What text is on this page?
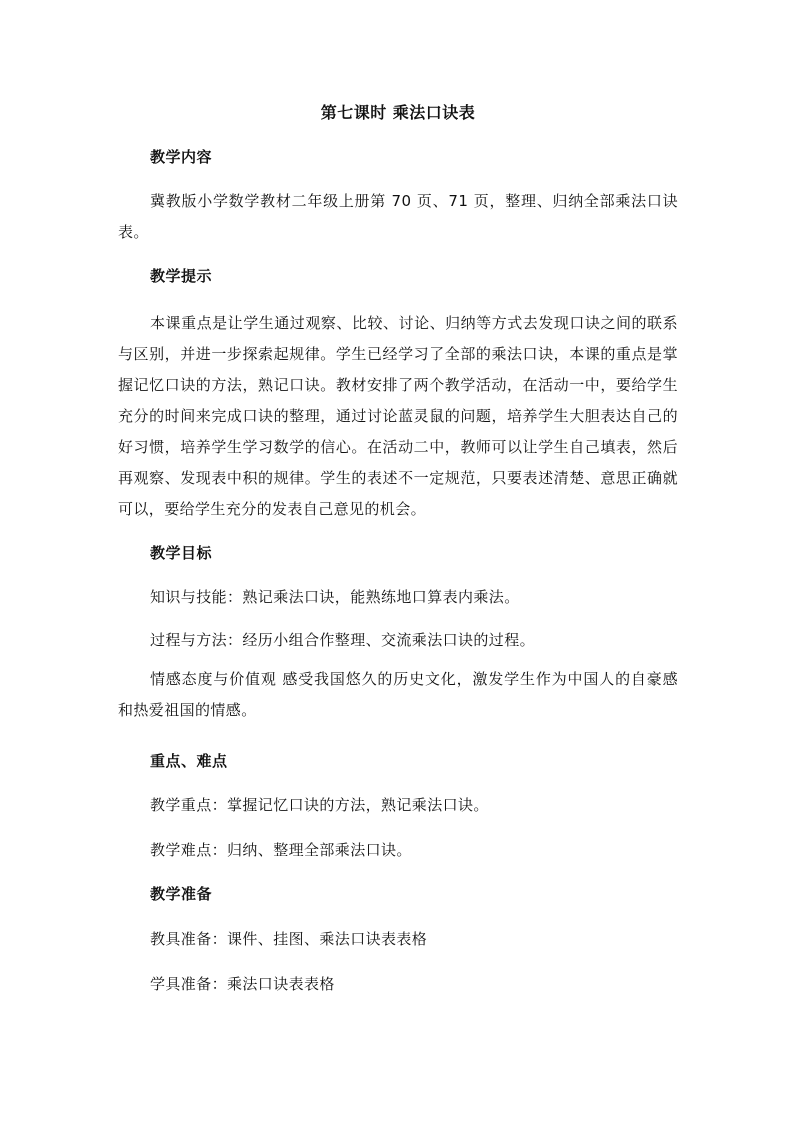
第七课时 乘法口诀表
教学内容

冀教版小学数学教材二年级上册第 70 页、71 页，整理、归纳全部乘法口诀表。

教学提示

本课重点是让学生通过观察、比较、讨论、归纳等方式去发现口诀之间的联系与区别，并进一步探索起规律。学生已经学习了全部的乘法口诀，本课的重点是掌握记忆口诀的方法，熟记口诀。教材安排了两个教学活动，在活动一中，要给学生充分的时间来完成口诀的整理，通过讨论蓝灵鼠的问题，培养学生大胆表达自己的好习惯，培养学生学习数学的信心。在活动二中，教师可以让学生自己填表，然后再观察、发现表中积的规律。学生的表述不一定规范，只要表述清楚、意思正确就可以，要给学生充分的发表自己意见的机会。

教学目标
知识与技能：熟记乘法口诀，能熟练地口算表内乘法。
过程与方法：经历小组合作整理、交流乘法口诀的过程。

情感态度与价值观 感受我国悠久的历史文化，激发学生作为中国人的自豪感和热爱祖国的情感。

重点、难点
教学重点：掌握记忆口诀的方法，熟记乘法口诀。
教学难点：归纳、整理全部乘法口诀。
教学准备
教具准备：课件、挂图、乘法口诀表表格
学具准备：乘法口诀表表格
